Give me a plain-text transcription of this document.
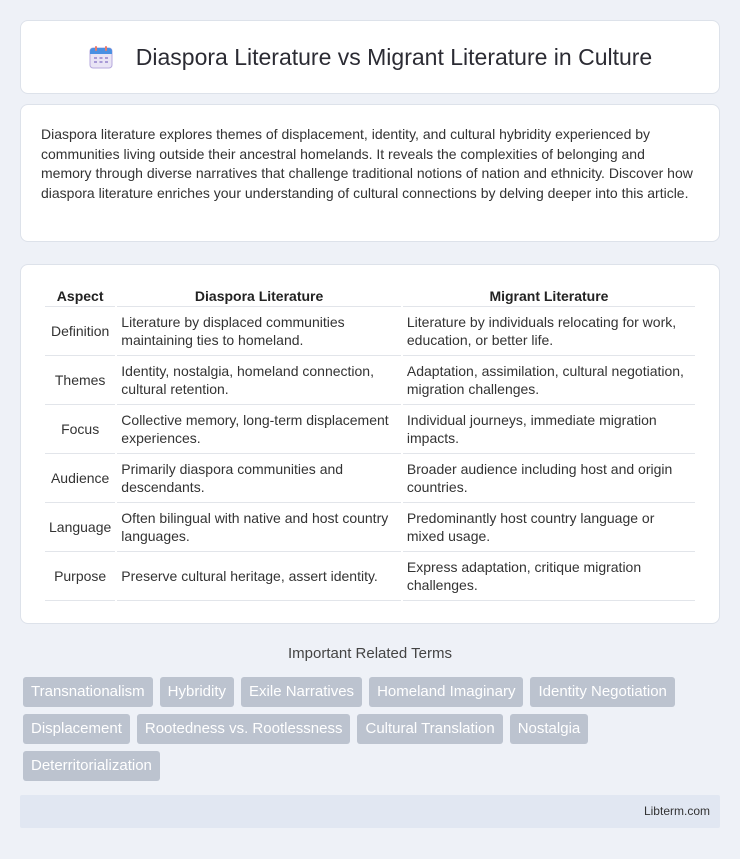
Diaspora Literature vs Migrant Literature in Culture

Diaspora literature explores themes of displacement, identity, and cultural hybridity experienced by communities living outside their ancestral homelands. It reveals the complexities of belonging and memory through diverse narratives that challenge traditional notions of nation and ethnicity. Discover how diaspora literature enriches your understanding of cultural connections by delving deeper into this article.

Aspect	Diaspora Literature	Migrant Literature
Definition	Literature by displaced communities maintaining ties to homeland.	Literature by individuals relocating for work, education, or better life.
Themes	Identity, nostalgia, homeland connection, cultural retention.	Adaptation, assimilation, cultural negotiation, migration challenges.
Focus	Collective memory, long-term displacement experiences.	Individual journeys, immediate migration impacts.
Audience	Primarily diaspora communities and descendants.	Broader audience including host and origin countries.
Language	Often bilingual with native and host country languages.	Predominantly host country language or mixed usage.
Purpose	Preserve cultural heritage, assert identity.	Express adaptation, critique migration challenges.
Important Related Terms
Transnationalism	Hybridity	Exile Narratives	Homeland Imaginary	Identity Negotiation
Displacement	Rootedness vs. Rootlessness	Cultural Translation	Nostalgia
Deterritorialization
Libterm.com
